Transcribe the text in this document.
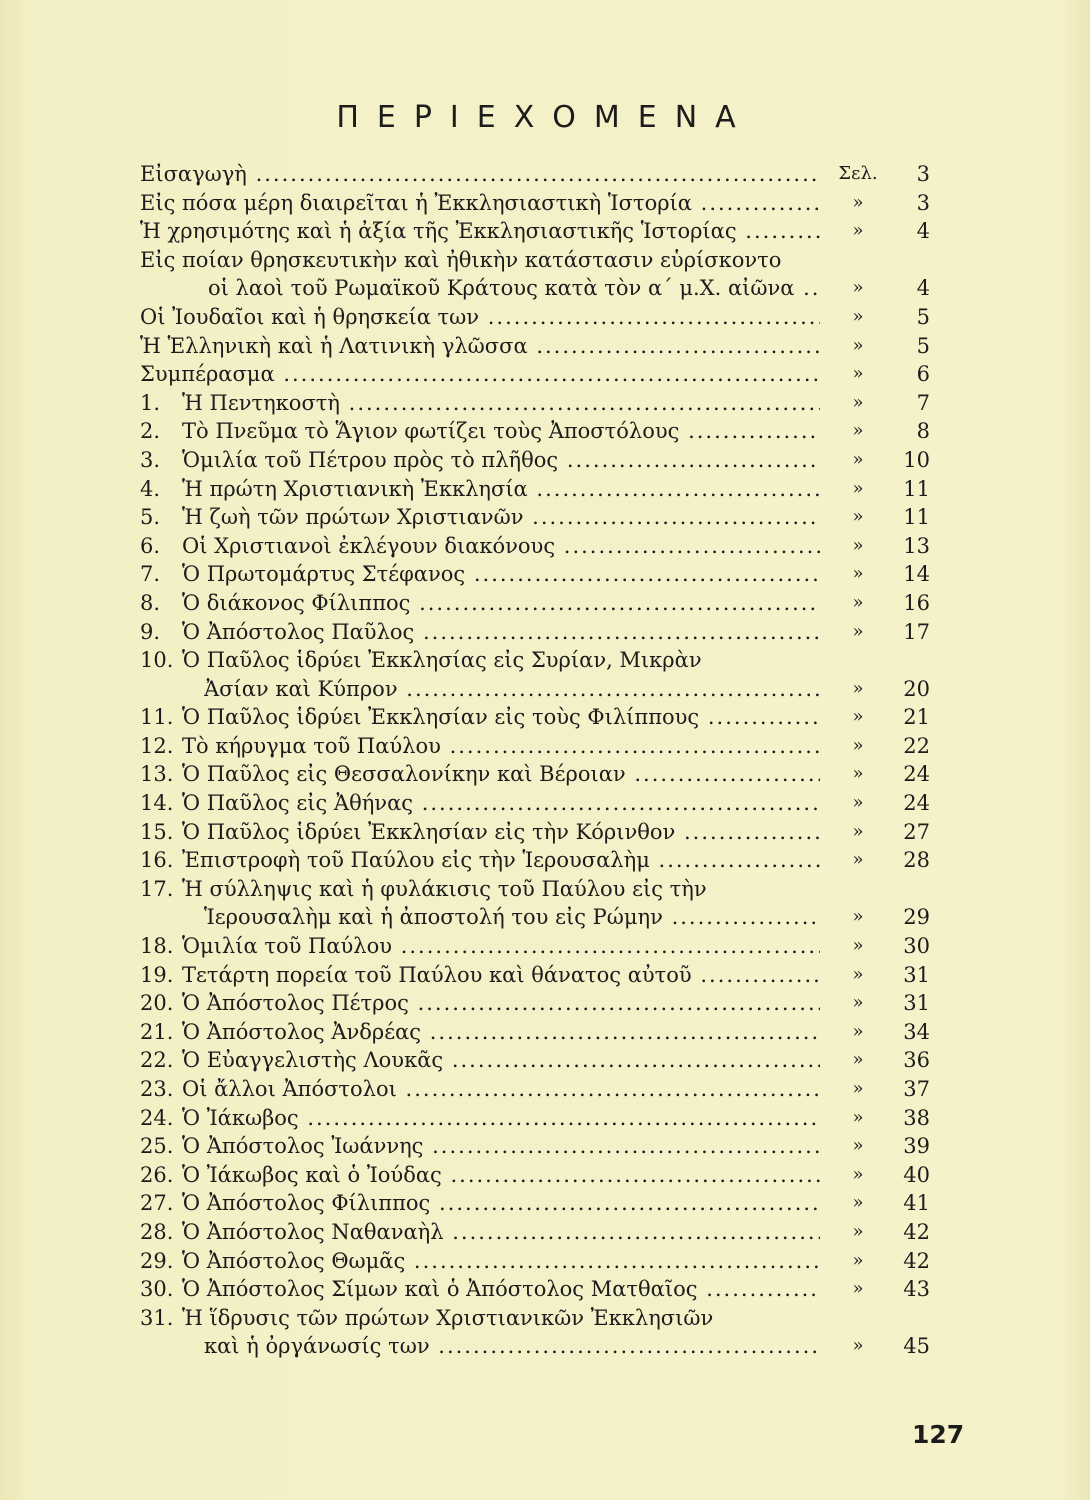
ΠΕΡΙΕΧΟΜΕΝΑ
Εἰσαγωγὴ .....	Σελ.	3
Εἰς πόσα μέρη διαιρεῖται ἡ Ἐκκλησιαστικὴ Ἱστορία .....	»	3
Ἡ χρησιμότης καὶ ἡ ἀξία τῆς Ἐκκλησιαστικῆς Ἱστορίας .....	»	4
Εἰς ποίαν θρησκευτικὴν καὶ ἠθικὴν κατάστασιν εὑρίσκοντο
οἱ λαοὶ τοῦ Ρωμαϊκοῦ Κράτους κατὰ τὸν α΄ μ.Χ. αἰῶνα .....	»	4
Οἱ Ἰουδαῖοι καὶ ἡ θρησκεία των .....	»	5
Ἡ Ἑλληνικὴ καὶ ἡ Λατινικὴ γλῶσσα .....	»	5
Συμπέρασμα .....	»	6
1.	Ἡ Πεντηκοστὴ .....	»	7
2.	Τὸ Πνεῦμα τὸ Ἅγιον φωτίζει τοὺς Ἀποστόλους .....	»	8
3.	Ὁμιλία τοῦ Πέτρου πρὸς τὸ πλῆθος .....	»	10
4.	Ἡ πρώτη Χριστιανικὴ Ἐκκλησία .....	»	11
5.	Ἡ ζωὴ τῶν πρώτων Χριστιανῶν .....	»	11
6.	Οἱ Χριστιανοὶ ἐκλέγουν διακόνους .....	»	13
7.	Ὁ Πρωτομάρτυς Στέφανος .....	»	14
8.	Ὁ διάκονος Φίλιππος .....	»	16
9.	Ὁ Ἀπόστολος Παῦλος .....	»	17
10. Ὁ Παῦλος ἱδρύει Ἐκκλησίας εἰς Συρίαν, Μικρὰν
Ἀσίαν καὶ Κύπρον .....	»	20
11. Ὁ Παῦλος ἱδρύει Ἐκκλησίαν εἰς τοὺς Φιλίππους .....	»	21
12. Τὸ κήρυγμα τοῦ Παύλου .....	»	22
13. Ὁ Παῦλος εἰς Θεσσαλονίκην καὶ Βέροιαν .....	»	24
14. Ὁ Παῦλος εἰς Ἀθήνας .....	»	24
15. Ὁ Παῦλος ἱδρύει Ἐκκλησίαν εἰς τὴν Κόρινθον .....	»	27
16. Ἐπιστροφὴ τοῦ Παύλου εἰς τὴν Ἱερουσαλὴμ .....	»	28
17. Ἡ σύλληψις καὶ ἡ φυλάκισις τοῦ Παύλου εἰς τὴν
Ἱερουσαλὴμ καὶ ἡ ἀποστολή του εἰς Ρώμην .....	»	29
18. Ὁμιλία τοῦ Παύλου .....	»	30
19. Τετάρτη πορεία τοῦ Παύλου καὶ θάνατος αὐτοῦ .....	»	31
20. Ὁ Ἀπόστολος Πέτρος .....	»	31
21. Ὁ Ἀπόστολος Ἀνδρέας .....	»	34
22. Ὁ Εὐαγγελιστὴς Λουκᾶς .....	»	36
23. Οἱ ἄλλοι Ἀπόστολοι .....	»	37
24. Ὁ Ἰάκωβος .....	»	38
25. Ὁ Ἀπόστολος Ἰωάννης .....	»	39
26. Ὁ Ἰάκωβος καὶ ὁ Ἰούδας .....	»	40
27. Ὁ Ἀπόστολος Φίλιππος .....	»	41
28. Ὁ Ἀπόστολος Ναθαναὴλ .....	»	42
29. Ὁ Ἀπόστολος Θωμᾶς .....	»	42
30. Ὁ Ἀπόστολος Σίμων καὶ ὁ Ἀπόστολος Ματθαῖος .....	»	43
31. Ἡ ἵδρυσις τῶν πρώτων Χριστιανικῶν Ἐκκλησιῶν
καὶ ἡ ὀργάνωσίς των .....	»	45
127
